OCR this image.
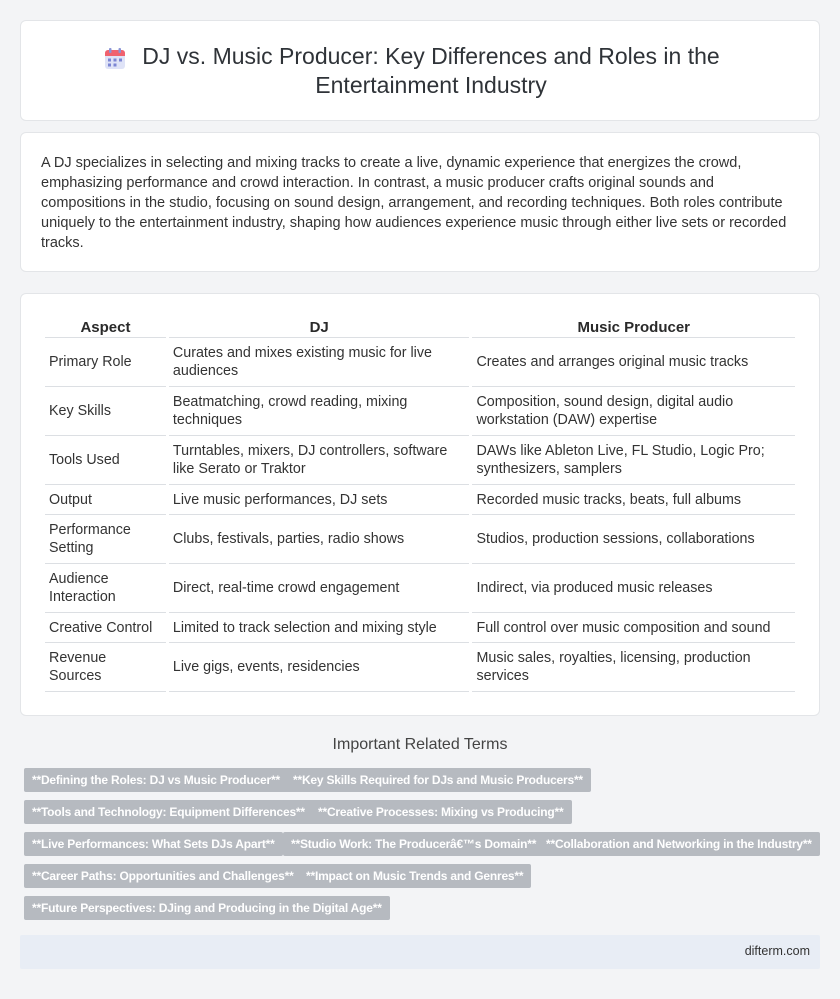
DJ vs. Music Producer: Key Differences and Roles in the Entertainment Industry

A DJ specializes in selecting and mixing tracks to create a live, dynamic experience that energizes the crowd, emphasizing performance and crowd interaction. In contrast, a music producer crafts original sounds and compositions in the studio, focusing on sound design, arrangement, and recording techniques. Both roles contribute uniquely to the entertainment industry, shaping how audiences experience music through either live sets or recorded tracks.

Aspect	DJ	Music Producer
Primary Role	Curates and mixes existing music for live audiences	Creates and arranges original music tracks
Key Skills	Beatmatching, crowd reading, mixing techniques	Composition, sound design, digital audio workstation (DAW) expertise
Tools Used	Turntables, mixers, DJ controllers, software like Serato or Traktor	DAWs like Ableton Live, FL Studio, Logic Pro; synthesizers, samplers
Output	Live music performances, DJ sets	Recorded music tracks, beats, full albums
Performance Setting	Clubs, festivals, parties, radio shows	Studios, production sessions, collaborations
Audience Interaction	Direct, real-time crowd engagement	Indirect, via produced music releases
Creative Control	Limited to track selection and mixing style	Full control over music composition and sound
Revenue Sources	Live gigs, events, residencies	Music sales, royalties, licensing, production services
Important Related Terms
**Defining the Roles: DJ vs Music Producer**	**Key Skills Required for DJs and Music Producers**
**Tools and Technology: Equipment Differences**	**Creative Processes: Mixing vs Producing**
**Live Performances: What Sets DJs Apart**	**Studio Work: The Producerâ€™s Domain** **Collaboration and Networking in the Industry**
**Career Paths: Opportunities and Challenges**	**Impact on Music Trends and Genres**
**Future Perspectives: DJing and Producing in the Digital Age**
difterm.com
